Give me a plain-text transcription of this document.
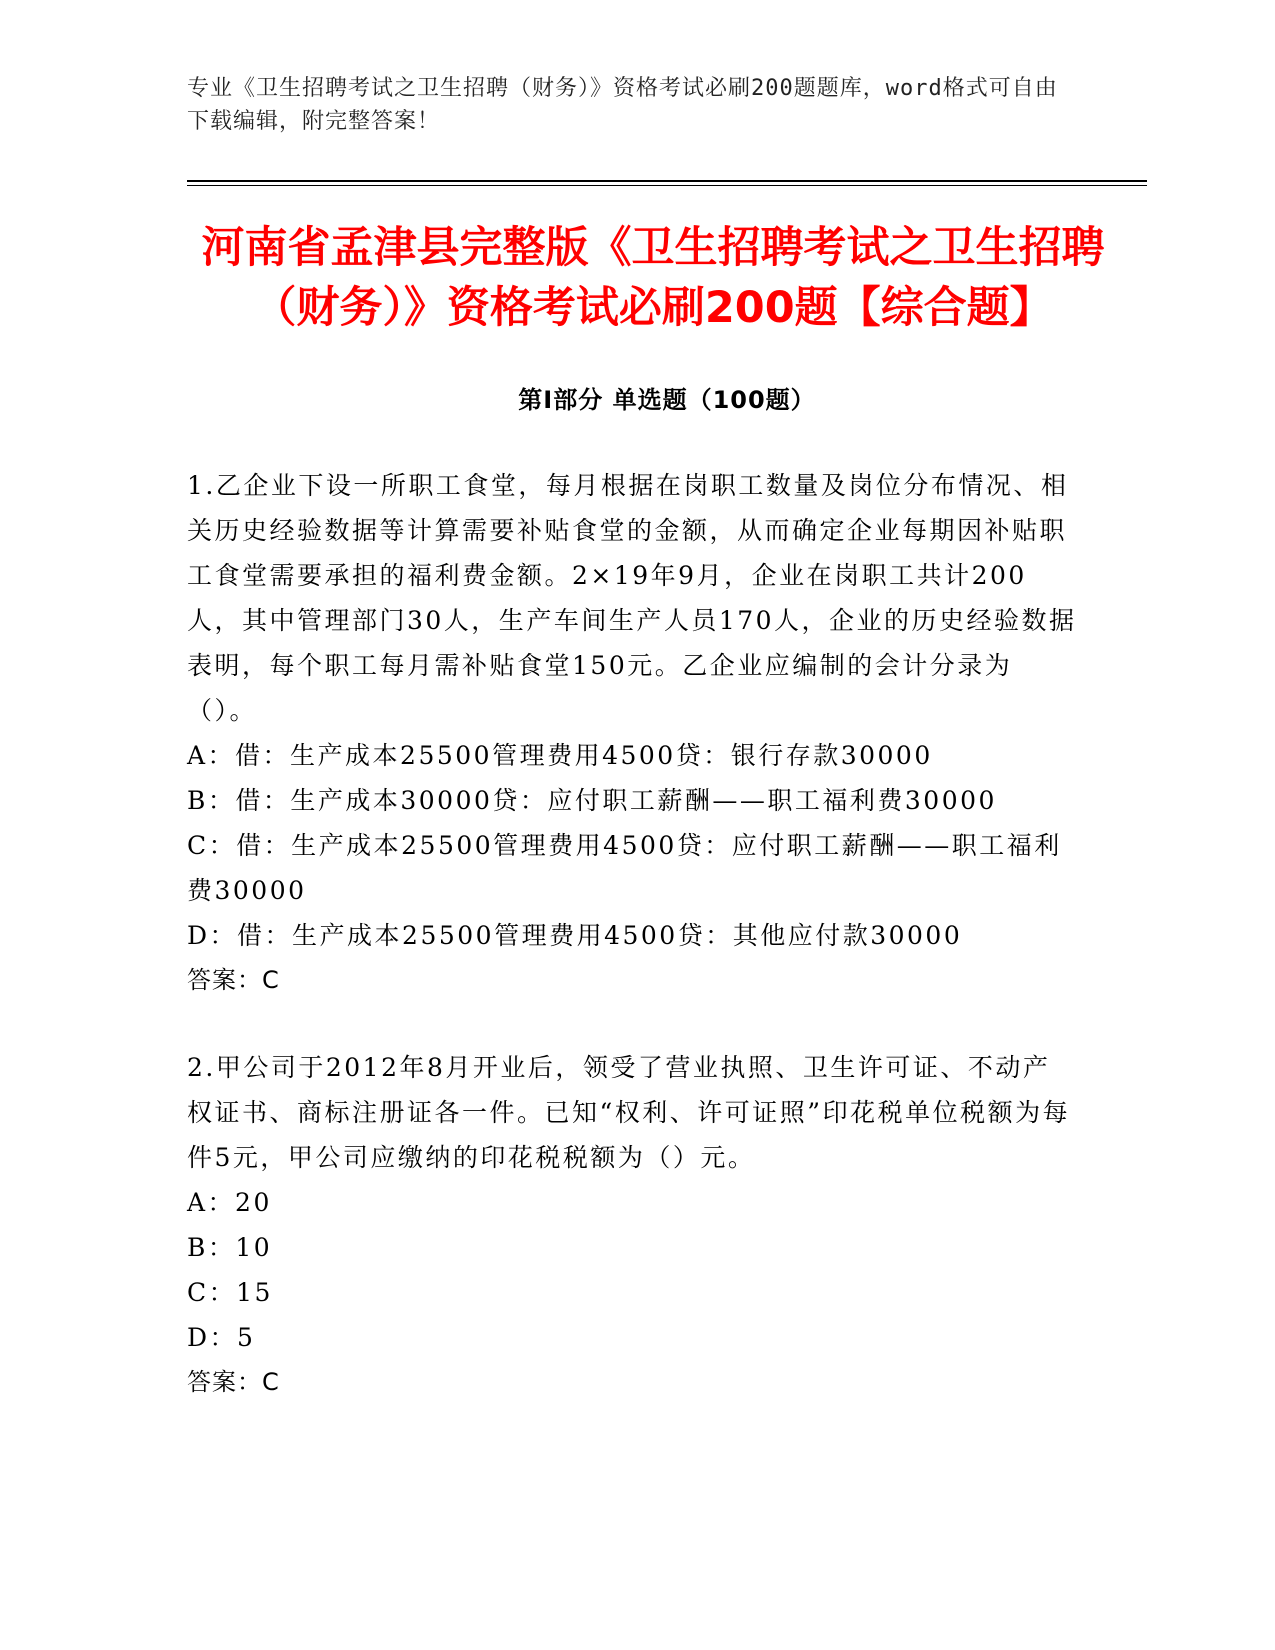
专业《卫生招聘考试之卫生招聘（财务）》资格考试必刷200题题库，word格式可自由下载编辑，附完整答案！

河南省孟津县完整版《卫生招聘考试之卫生招聘（财务）》资格考试必刷200题【综合题】
第Ⅰ部分 单选题（100题）

1.乙企业下设一所职工食堂，每月根据在岗职工数量及岗位分布情况、相关历史经验数据等计算需要补贴食堂的金额，从而确定企业每期因补贴职工食堂需要承担的福利费金额。2×19年9月，企业在岗职工共计200人，其中管理部门30人，生产车间生产人员170人，企业的历史经验数据表明，每个职工每月需补贴食堂150元。乙企业应编制的会计分录为（）。

A：借：生产成本25500管理费用4500贷：银行存款30000

B：借：生产成本30000贷：应付职工薪酬——职工福利费30000

C：借：生产成本25500管理费用4500贷：应付职工薪酬——职工福利费30000

D：借：生产成本25500管理费用4500贷：其他应付款30000

答案：C

2.甲公司于2012年8月开业后，领受了营业执照、卫生许可证、不动产权证书、商标注册证各一件。已知“权利、许可证照”印花税单位税额为每件5元，甲公司应缴纳的印花税税额为（）元。

A：20

B：10

C：15

D：5

答案：C
